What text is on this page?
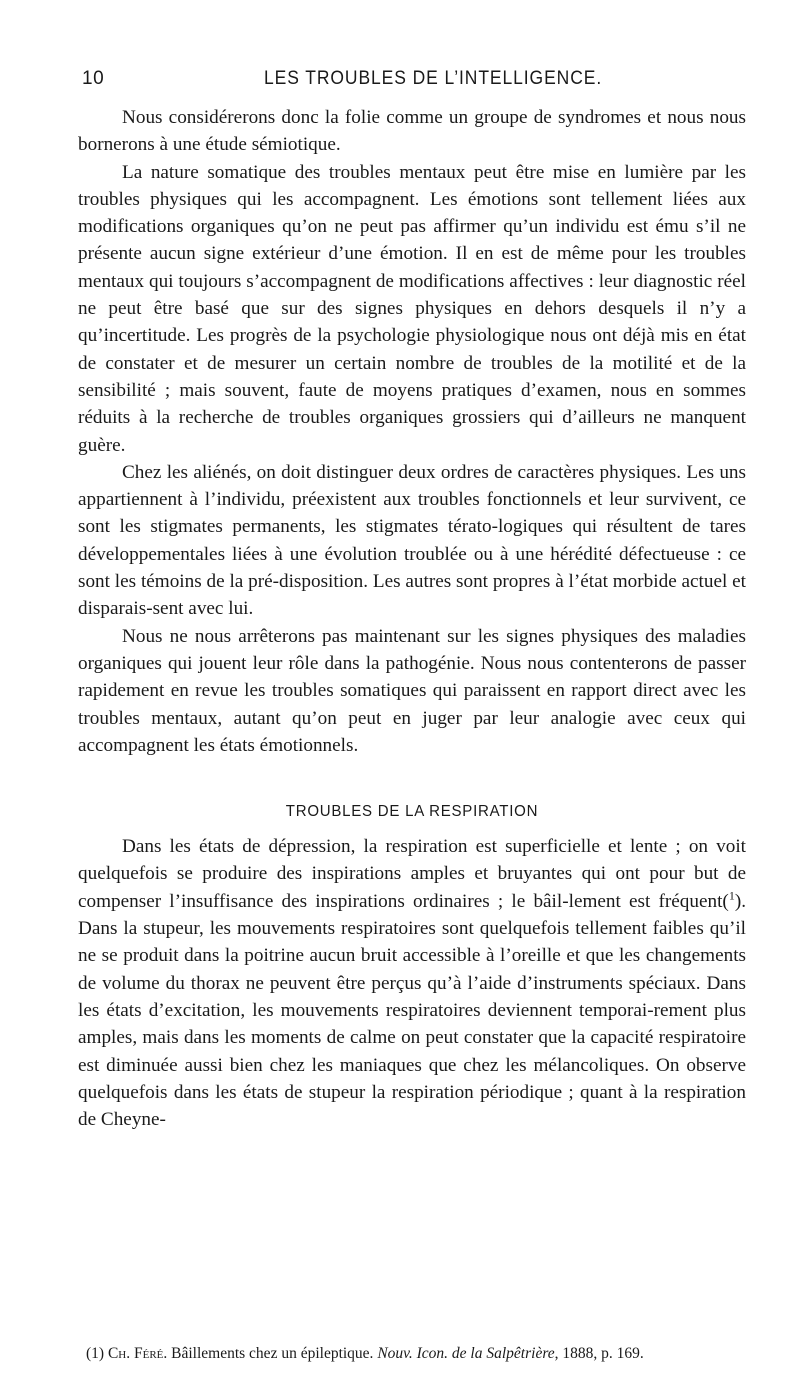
10	LES TROUBLES DE L’INTELLIGENCE.

Nous considérerons donc la folie comme un groupe de syndromes et nous nous bornerons à une étude sémiotique.

La nature somatique des troubles mentaux peut être mise en lumière par les troubles physiques qui les accompagnent. Les émotions sont tellement liées aux modifications organiques qu’on ne peut pas affirmer qu’un individu est ému s’il ne présente aucun signe extérieur d’une émotion. Il en est de même pour les troubles mentaux qui toujours s’accompagnent de modifications affectives : leur diagnostic réel ne peut être basé que sur des signes physiques en dehors desquels il n’y a qu’incertitude. Les progrès de la psychologie physiologique nous ont déjà mis en état de constater et de mesurer un certain nombre de troubles de la motilité et de la sensibilité ; mais souvent, faute de moyens pratiques d’examen, nous en sommes réduits à la recherche de troubles organiques grossiers qui d’ailleurs ne manquent guère.

Chez les aliénés, on doit distinguer deux ordres de caractères physiques. Les uns appartiennent à l’individu, préexistent aux troubles fonctionnels et leur survivent, ce sont les stigmates permanents, les stigmates térato-logiques qui résultent de tares développementales liées à une évolution troublée ou à une hérédité défectueuse : ce sont les témoins de la pré-disposition. Les autres sont propres à l’état morbide actuel et disparais-sent avec lui.

Nous ne nous arrêterons pas maintenant sur les signes physiques des maladies organiques qui jouent leur rôle dans la pathogénie. Nous nous contenterons de passer rapidement en revue les troubles somatiques qui paraissent en rapport direct avec les troubles mentaux, autant qu’on peut en juger par leur analogie avec ceux qui accompagnent les états émotionnels.

TROUBLES DE LA RESPIRATION

Dans les états de dépression, la respiration est superficielle et lente ; on voit quelquefois se produire des inspirations amples et bruyantes qui ont pour but de compenser l’insuffisance des inspirations ordinaires ; le bâil-lement est fréquent($^1$). Dans la stupeur, les mouvements respiratoires sont quelquefois tellement faibles qu’il ne se produit dans la poitrine aucun bruit accessible à l’oreille et que les changements de volume du thorax ne peuvent être perçus qu’à l’aide d’instruments spéciaux. Dans les états d’excitation, les mouvements respiratoires deviennent temporai-rement plus amples, mais dans les moments de calme on peut constater que la capacité respiratoire est diminuée aussi bien chez les maniaques que chez les mélancoliques. On observe quelquefois dans les états de stupeur la respiration périodique ; quant à la respiration de Cheyne-

(1) Ch. Féré. Bâillements chez un épileptique. Nouv. Icon. de la Salpêtrière, 1888, p. 169.
